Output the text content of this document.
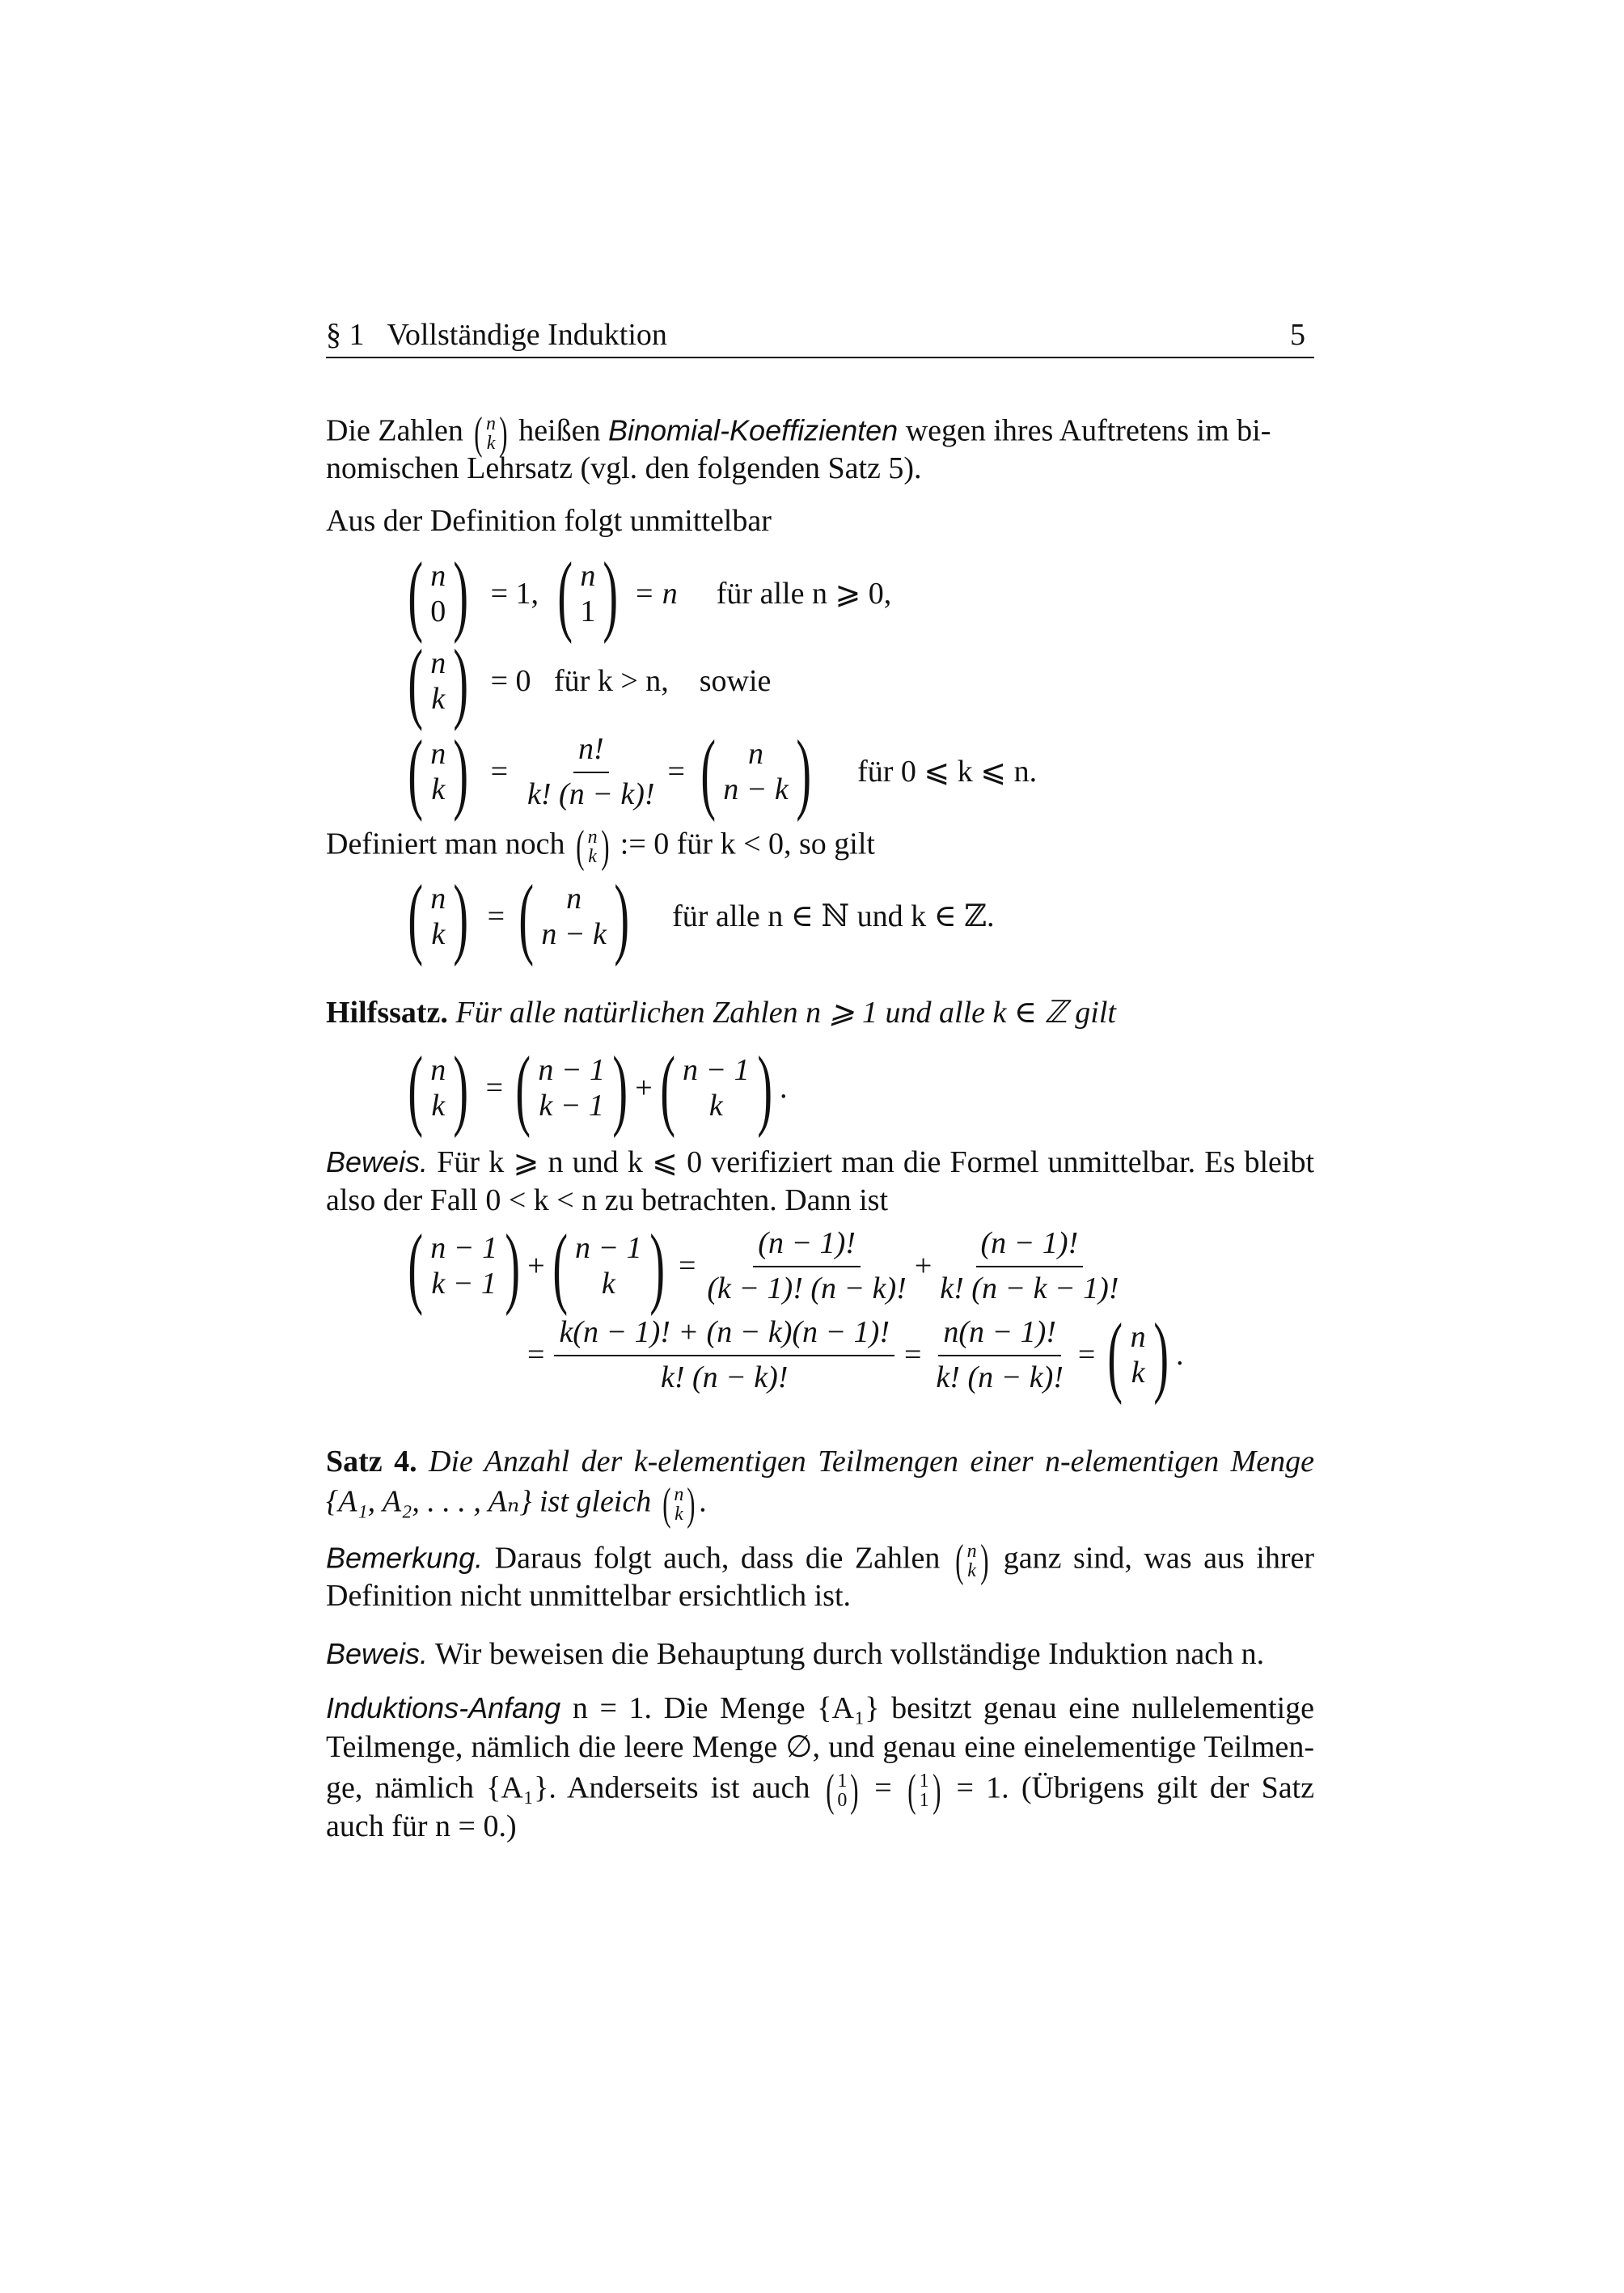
§ 1   Vollständige Induktion	5
Die Zahlen ( n
k ) heißen Binomial-Koeffizienten wegen ihres Auftretens im bi-
nomischen Lehrsatz (vgl. den folgenden Satz 5).
Aus der Definition folgt unmittelbar
( n
0 ) = 1, ( n
1 ) = n für alle n ⩾ 0,
( n
k ) = 0   für k > n,    sowie
( n
k ) = $\frac{n!}{k! (n - k)!}$ = ( n
n − k ) für 0 ⩽ k ⩽ n.
Definiert man noch ( n
k ) := 0 für k < 0, so gilt
( n
k ) = ( n
n − k ) für alle n ∈ ℕ und k ∈ ℤ.
Hilfssatz. Für alle natürlichen Zahlen n ⩾ 1 und alle k ∈ ℤ gilt
( n
k ) = ( n − 1
k − 1 ) + ( n − 1
k ) .
Beweis. Für k ⩾ n und k ⩽ 0 verifiziert man die Formel unmittelbar. Es bleibt
also der Fall 0 < k < n zu betrachten. Dann ist
( n − 1
k − 1 ) + ( n − 1
k ) = $\frac{(n - 1)!}{(k - 1)! (n - k)!} + \frac{(n - 1)!}{k! (n - k - 1)!}$
= $\frac{k(n - 1)! + (n - k)(n - 1)!}{k! (n - k)!} = \frac{n(n - 1)!}{k! (n - k)!}$ = ( n
k ) .
Satz 4. Die Anzahl der k-elementigen Teilmengen einer n-elementigen Menge
{A₁, A₂, . . . , Aₙ} ist gleich ( n
k ) .
Bemerkung. Daraus folgt auch, dass die Zahlen ( n
k ) ganz sind, was aus ihrer
Definition nicht unmittelbar ersichtlich ist.
Beweis. Wir beweisen die Behauptung durch vollständige Induktion nach n.
Induktions-Anfang n = 1. Die Menge {A₁} besitzt genau eine nullelementige
Teilmenge, nämlich die leere Menge ∅, und genau eine einelementige Teilmen-
ge, nämlich {A₁}. Anderseits ist auch ( 1
0 ) = ( 1
1 ) = 1. (Übrigens gilt der Satz
auch für n = 0.)
